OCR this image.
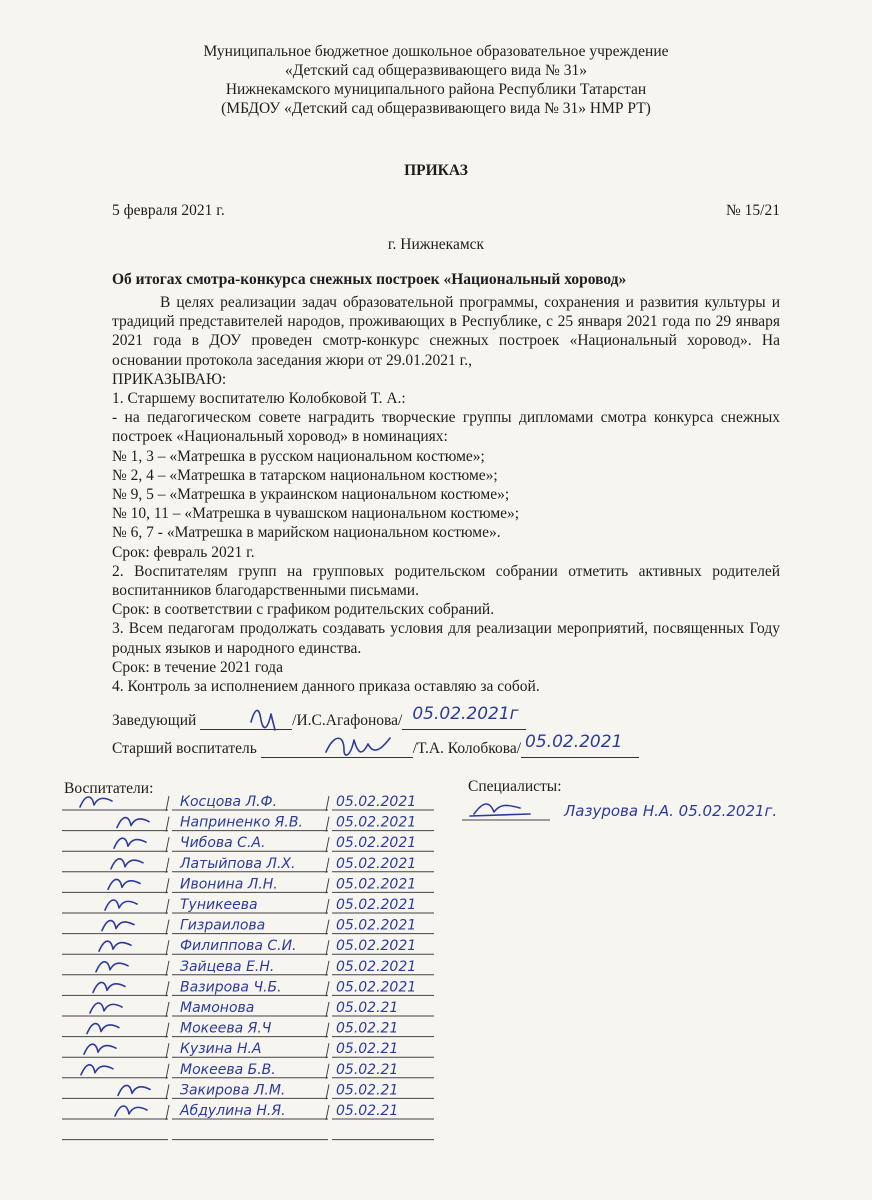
Муниципальное бюджетное дошкольное образовательное учреждение
«Детский сад общеразвивающего вида № 31»
Нижнекамского муниципального района Республики Татарстан
(МБДОУ «Детский сад общеразвивающего вида № 31» НМР РТ)
ПРИКАЗ
5 февраля 2021 г.	№ 15/21
г. Нижнекамск
Об итогах смотра-конкурса снежных построек «Национальный хоровод»

В целях реализации задач образовательной программы, сохранения и развития культуры и традиций представителей народов, проживающих в Республике, с 25 января 2021 года по 29 января 2021 года в ДОУ проведен смотр-конкурс снежных построек «Национальный хоровод». На основании протокола заседания жюри от 29.01.2021 г.,

ПРИКАЗЫВАЮ:

1. Старшему воспитателю Колобковой Т. А.:

- на педагогическом совете наградить творческие группы дипломами смотра конкурса снежных построек «Национальный хоровод» в номинациях:

№ 1, 3 – «Матрешка в русском национальном костюме»;

№ 2, 4 – «Матрешка в татарском национальном костюме»;

№ 9, 5 – «Матрешка в украинском национальном костюме»;

№ 10, 11 – «Матрешка в чувашском национальном костюме»;

№ 6, 7 - «Матрешка в марийском национальном костюме».

Срок: февраль 2021 г.

2. Воспитателям групп на групповых родительском собрании отметить активных родителей воспитанников благодарственными письмами.

Срок: в соответствии с графиком родительских собраний.

3. Всем педагогам продолжать создавать условия для реализации мероприятий, посвященных Году родных языков и народного единства.

Срок: в течение 2021 года

4. Контроль за исполнением данного приказа оставляю за собой.

Заведующий	/И.С.Агафонова/ 05.02.2021г
Старший воспитатель	/Т.А. Колобкова/ 05.02.2021
Воспитатели:	Специалисты:
Лазурова Н.А. 05.02.2021г.
Косцова Л.Ф.	05.02.2021
Наприненко Я.В. 05.02.2021
Чибова С.А.	05.02.2021
Латыйпова Л.Х.	05.02.2021
Ивонина Л.Н.	05.02.2021
Туникеева	05.02.2021
Гизраилова	05.02.2021
Филиппова С.И.	05.02.2021
Зайцева Е.Н.	05.02.2021
Вазирова Ч.Б.	05.02.2021
Мамонова	05.02.21
Мокеева Я.Ч	05.02.21
Кузина Н.А	05.02.21
Мокеева Б.В.	05.02.21
Закирова Л.М.	05.02.21
Абдулина Н.Я.	05.02.21
